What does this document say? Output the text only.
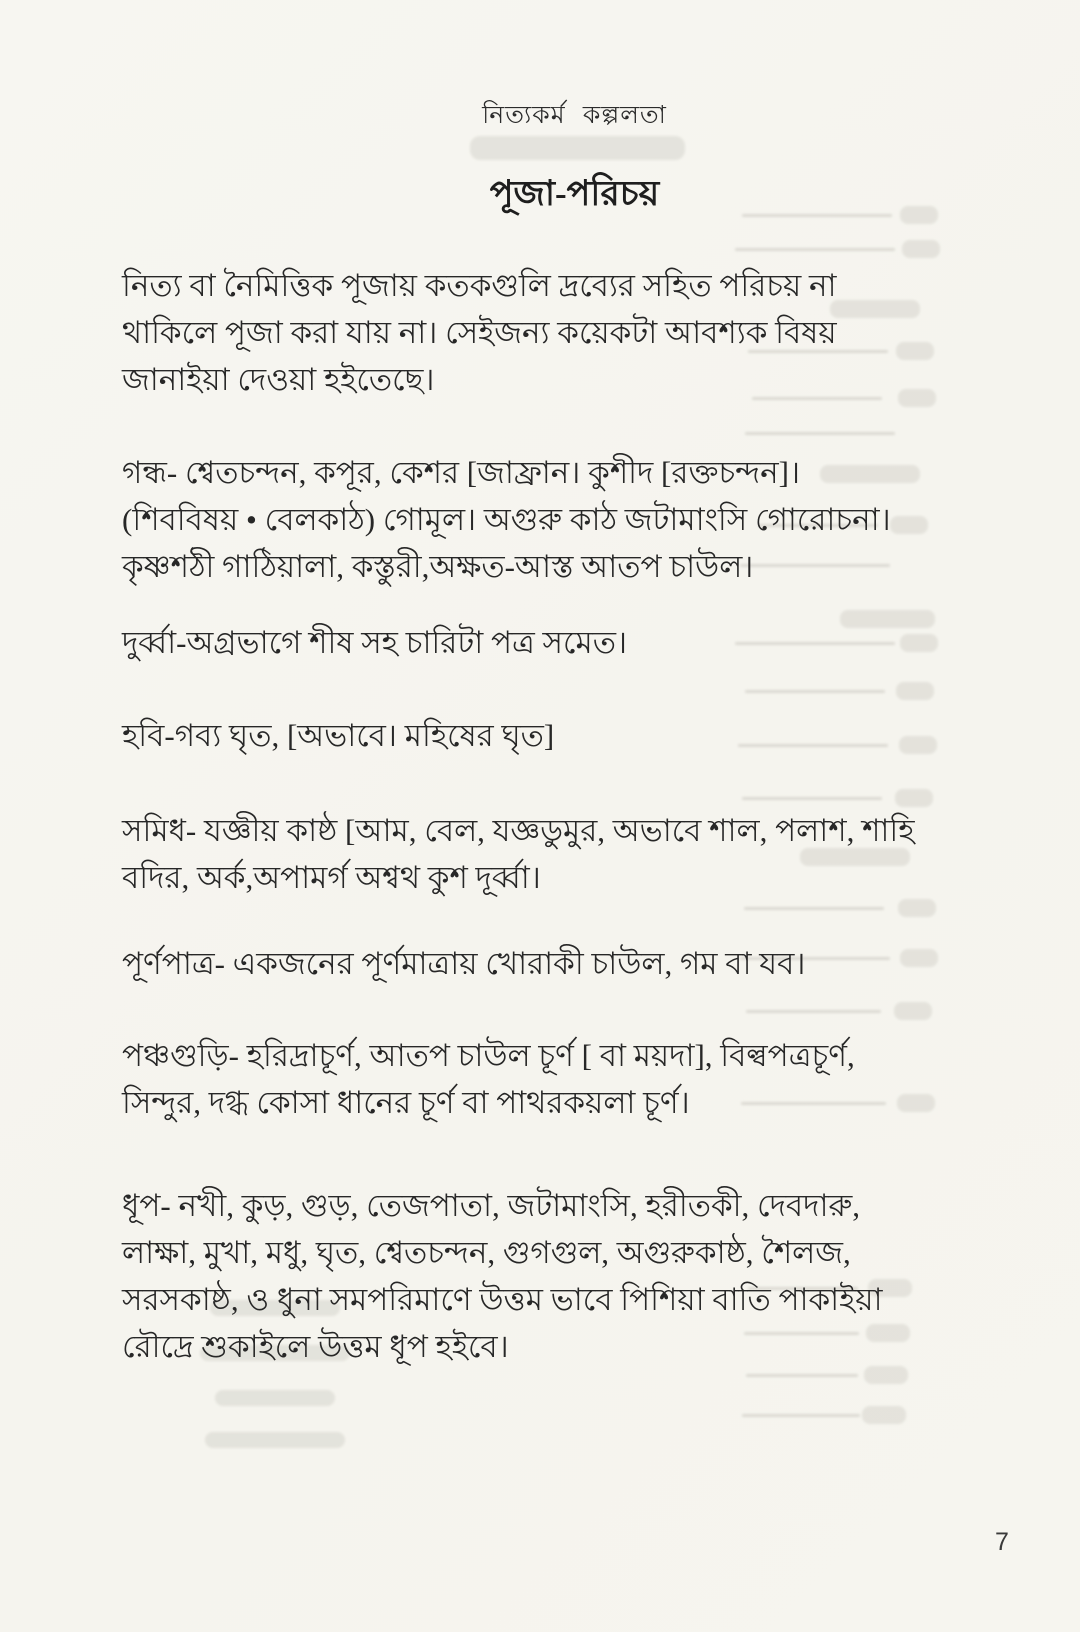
নিত্যকর্ম কল্পলতা
পূজা-পরিচয়
নিত্য বা নৈমিত্তিক পূজায় কতকগুলি দ্রব্যের সহিত পরিচয় না
থাকিলে পূজা করা যায় না। সেইজন্য কয়েকটা আবশ্যক বিষয়
জানাইয়া দেওয়া হইতেছে।
গন্ধ- শ্বেতচন্দন, কপূর, কেশর [জাফ্রান। কুশীদ [রক্তচন্দন]।
(শিববিষয় • বেলকাঠ) গোমূল। অগুরু কাঠ জটামাংসি গোরোচনা।
কৃষ্ণশঠী গাঠিয়ালা, কস্তুরী,অক্ষত-আস্ত আতপ চাউল।
দুর্ব্বা-অগ্রভাগে শীষ সহ চারিটা পত্র সমেত।
হবি-গব্য ঘৃত, [অভাবে। মহিষের ঘৃত]
সমিধ- যজ্ঞীয় কাষ্ঠ [আম, বেল, যজ্ঞডুমুর, অভাবে শাল, পলাশ, শাহি
বদির, অর্ক,অপামর্গ অশ্বথ কুশ দূর্ব্বা।
পূর্ণপাত্র- একজনের পূর্ণমাত্রায় খোরাকী চাউল, গম বা যব।
পঞ্চগুড়ি- হরিদ্রাচূর্ণ, আতপ চাউল চূর্ণ [ বা ময়দা], বিল্বপত্রচূর্ণ,
সিন্দুর, দগ্ধ কোসা ধানের চূর্ণ বা পাথরকয়লা চূর্ণ।
ধূপ- নখী, কুড়, গুড়, তেজপাতা, জটামাংসি, হরীতকী, দেবদারু,
লাক্ষা, মুখা, মধু, ঘৃত, শ্বেতচন্দন, গুগগুল, অগুরুকাষ্ঠ, শৈলজ,
সরসকাষ্ঠ, ও ধুনা সমপরিমাণে উত্তম ভাবে পিশিয়া বাতি পাকাইয়া
রৌদ্রে শুকাইলে উত্তম ধূপ হইবে।
7
